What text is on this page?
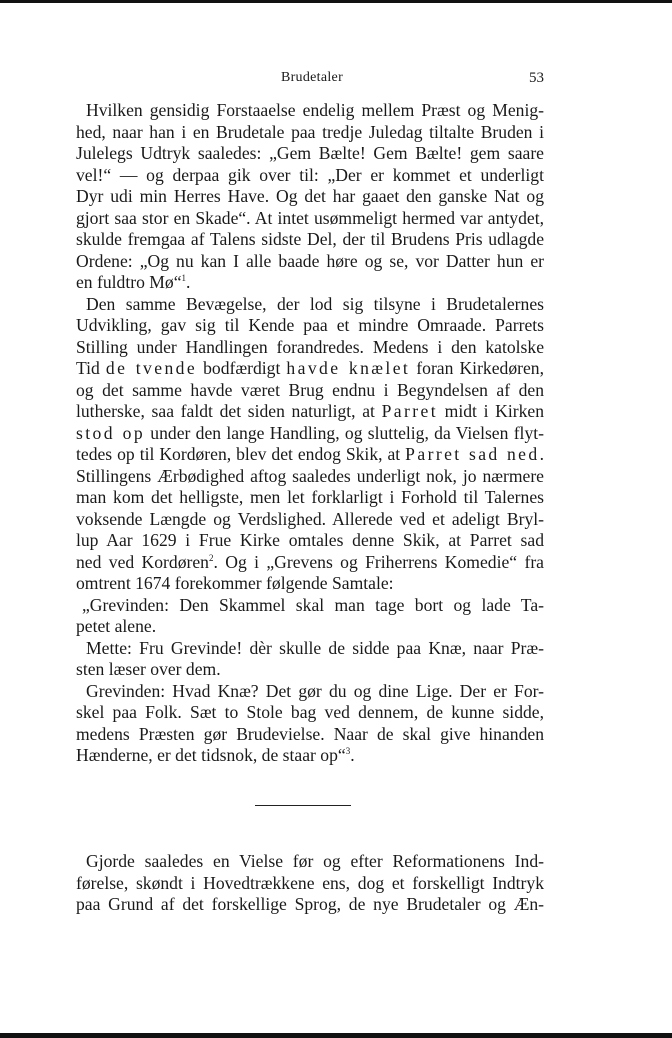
Brudetaler	53
Hvilken gensidig Forstaaelse endelig mellem Præst og Menig-
hed, naar han i en Brudetale paa tredje Juledag tiltalte Bruden i
Julelegs Udtryk saaledes: „Gem Bælte! Gem Bælte! gem saare
vel!“ — og derpaa gik over til: „Der er kommet et underligt
Dyr udi min Herres Have. Og det har gaaet den ganske Nat og
gjort saa stor en Skade“. At intet usømmeligt hermed var antydet,
skulde fremgaa af Talens sidste Del, der til Brudens Pris udlagde
Ordene: „Og nu kan I alle baade høre og se, vor Datter hun er
en fuldtro Mø“$^1$.
Den samme Bevægelse, der lod sig tilsyne i Brudetalernes
Udvikling, gav sig til Kende paa et mindre Omraade. Parrets
Stilling under Handlingen forandredes. Medens i den katolske
Tid de tvende bodfærdigt havde knælet foran Kirkedøren,
og det samme havde været Brug endnu i Begyndelsen af den
lutherske, saa faldt det siden naturligt, at Parret midt i Kirken
stod op under den lange Handling, og sluttelig, da Vielsen flyt-
tedes op til Kordøren, blev det endog Skik, at Parret sad ned.
Stillingens Ærbødighed aftog saaledes underligt nok, jo nærmere
man kom det helligste, men let forklarligt i Forhold til Talernes
voksende Længde og Verdslighed. Allerede ved et adeligt Bryl-
lup Aar 1629 i Frue Kirke omtales denne Skik, at Parret sad
ned ved Kordøren$^2$. Og i „Grevens og Friherrens Komedie“ fra
omtrent 1674 forekommer følgende Samtale:
„Grevinden: Den Skammel skal man tage bort og lade Ta-
petet alene.
Mette: Fru Grevinde! dèr skulle de sidde paa Knæ, naar Præ-
sten læser over dem.
Grevinden: Hvad Knæ? Det gør du og dine Lige. Der er For-
skel paa Folk. Sæt to Stole bag ved dennem, de kunne sidde,
medens Præsten gør Brudevielse. Naar de skal give hinanden
Hænderne, er det tidsnok, de staar op“$^3$.
Gjorde saaledes en Vielse før og efter Reformationens Ind-
førelse, skøndt i Hovedtrækkene ens, dog et forskelligt Indtryk
paa Grund af det forskellige Sprog, de nye Brudetaler og Æn-
